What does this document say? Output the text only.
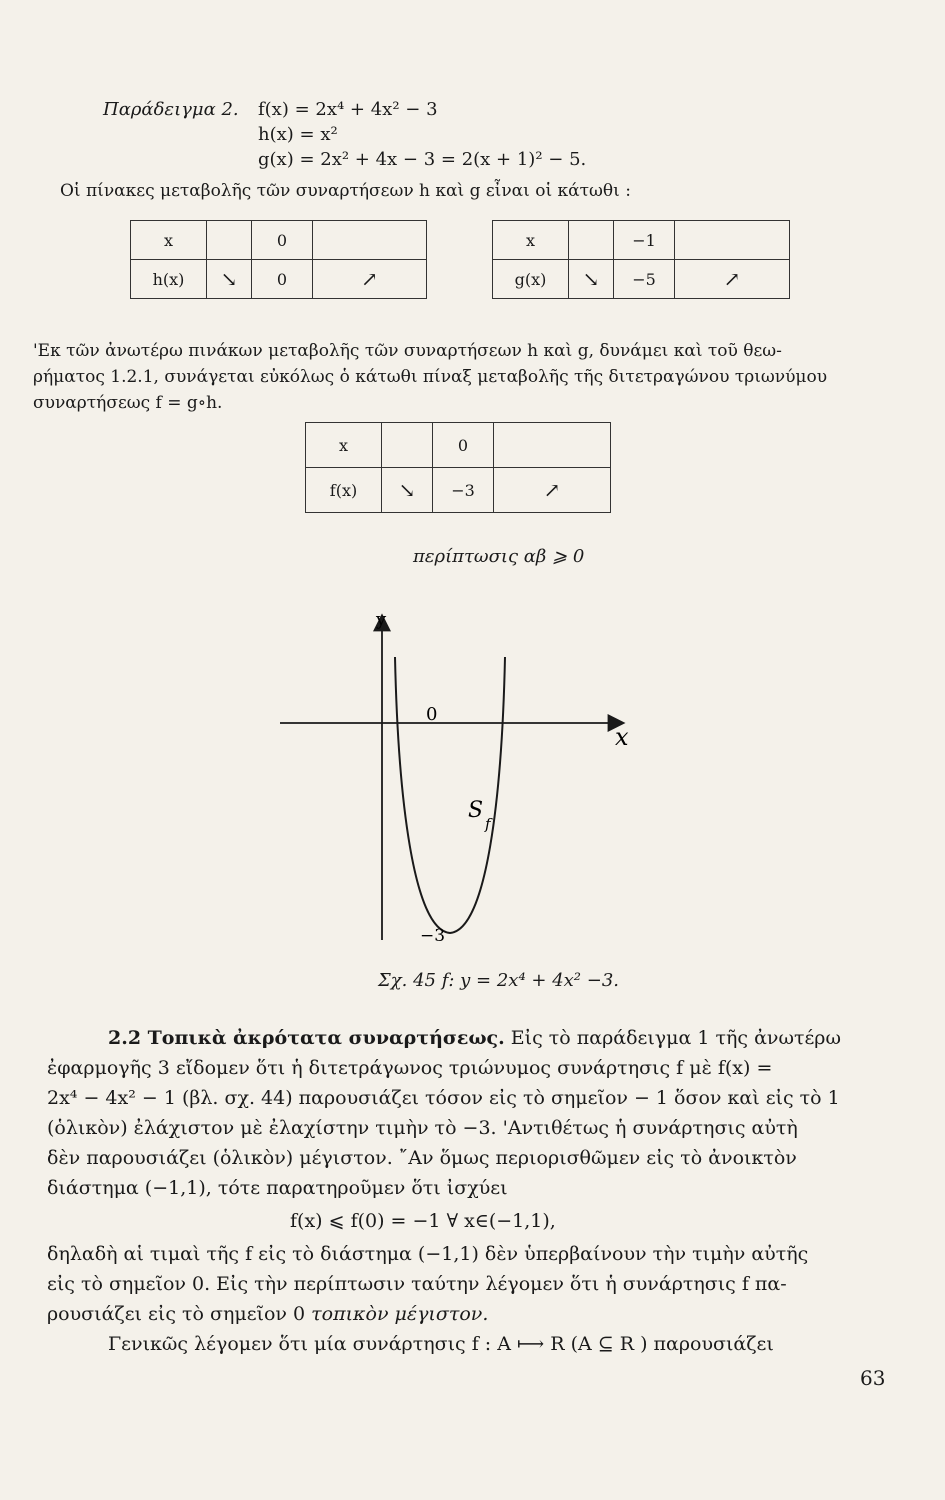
Παράδειγμα 2. f(x) = 2x⁴ + 4x² − 3
h(x) = x²
g(x) = 2x² + 4x − 3 = 2(x + 1)² − 5.
Οἱ πίνακες μεταβολῆς τῶν συναρτήσεων h καὶ g εἶναι οἱ κάτωθι :
x		0	
h(x)	↘	0	↗
x		−1	
g(x)	↘	−5	↗
'Εκ τῶν ἀνωτέρω πινάκων μεταβολῆς τῶν συναρτήσεων h καὶ g, δυνάμει καὶ τοῦ θεω-
ρήματος 1.2.1, συνάγεται εὐκόλως ὁ κάτωθι πίναξ μεταβολῆς τῆς διτετραγώνου τριωνύμου
συναρτήσεως f = g∘h.
x		0	
f(x)	↘	−3	↗
περίπτωσις αβ ⩾ 0
y
x
0
−3
S
f
Σχ. 45 f: y = 2x⁴ + 4x² −3.
2.2 Τοπικὰ ἀκρότατα συναρτήσεως. Εἰς τὸ παράδειγμα 1 τῆς ἀνωτέρω
ἐφαρμογῆς 3 εἴδομεν ὅτι ἡ διτετράγωνος τριώνυμος συνάρτησις f μὲ f(x) =
2x⁴ − 4x² − 1 (βλ. σχ. 44) παρουσιάζει τόσον εἰς τὸ σημεῖον − 1 ὅσον καὶ εἰς τὸ 1
(ὁλικὸν) ἐλάχιστον μὲ ἐλαχίστην τιμὴν τὸ −3. 'Αντιθέτως ἡ συνάρτησις αὐτὴ
δὲν παρουσιάζει (ὁλικὸν) μέγιστον. ῎Αν ὅμως περιορισθῶμεν εἰς τὸ ἀνοικτὸν
διάστημα (−1,1), τότε παρατηροῦμεν ὅτι ἰσχύει
f(x) ⩽ f(0) = −1 ∀ x∈(−1,1),
δηλαδὴ αἱ τιμαὶ τῆς f εἰς τὸ διάστημα (−1,1) δὲν ὑπερβαίνουν τὴν τιμὴν αὐτῆς
εἰς τὸ σημεῖον 0. Εἰς τὴν περίπτωσιν ταύτην λέγομεν ὅτι ἡ συνάρτησις f πα-
ρουσιάζει εἰς τὸ σημεῖον 0 τοπικὸν μέγιστον.
Γενικῶς λέγομεν ὅτι μία συνάρτησις f : A ⟼ R (A ⊆ R ) παρουσιάζει
63
